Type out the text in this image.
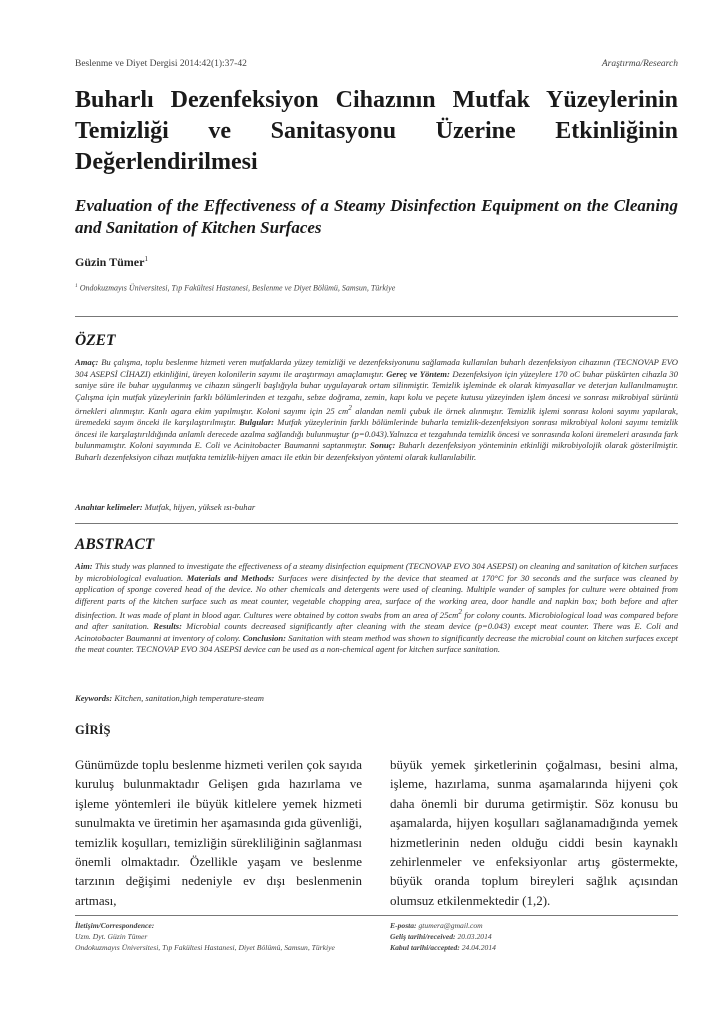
Beslenme ve Diyet Dergisi 2014:42(1):37-42	Araştırma/Research
Buharlı Dezenfeksiyon Cihazının Mutfak Yüzeylerinin Temizliği ve Sanitasyonu Üzerine Etkinliğinin Değerlendirilmesi
Evaluation of the Effectiveness of a Steamy Disinfection Equipment on the Cleaning and Sanitation of Kitchen Surfaces
Güzin Tümer$^1$
$^1$ Ondokuzmayıs Üniversitesi, Tıp Fakültesi Hastanesi, Beslenme ve Diyet Bölümü, Samsun, Türkiye
ÖZET
Amaç: Bu çalışma, toplu beslenme hizmeti veren mutfaklarda yüzey temizliği ve dezenfeksiyonunu sağlamada kullanılan buharlı dezenfeksiyon cihazının (TECNOVAP EVO 304 ASEPSİ CİHAZI) etkinliğini, üreyen kolonilerin sayımı ile araştırmayı amaçlamıştır. Gereç ve Yöntem: Dezenfeksiyon için yüzeylere 170 oC buhar püskürten cihazla 30 saniye süre ile buhar uygulanmış ve cihazın süngerli başlığıyla buhar uygulayarak ortam silinmiştir. Temizlik işleminde ek olarak kimyasallar ve deterjan kullanılmamıştır. Çalışma için mutfak yüzeylerinin farklı bölümlerinden et tezgahı, sebze doğrama, zemin, kapı kolu ve peçete kutusu yüzeyinden işlem öncesi ve sonrası mikrobiyal sürüntü örnekleri alınmıştır. Kanlı agara ekim yapılmıştır. Koloni sayımı için 25 $cm^2$ alandan nemli çubuk ile örnek alınmıştır. Temizlik işlemi sonrası koloni sayımı yapılarak, üremedeki sayım önceki ile karşılaştırılmıştır. Bulgular: Mutfak yüzeylerinin farklı bölümlerinde buharla temizlik-dezenfeksiyon sonrası mikrobiyal koloni sayımı temizlik öncesi ile karşılaştırıldığında anlamlı derecede azalma sağlandığı bulunmuştur (p=0.043).Yalnızca et tezgahında temizlik öncesi ve sonrasında koloni üremeleri arasında fark bulunmamıştır. Koloni sayımında E. Coli ve Acinitobacter Baumanni saptanmıştır. Sonuç: Buharlı dezenfeksiyon yönteminin etkinliği mikrobiyolojik olarak gösterilmiştir. Buharlı dezenfeksiyon cihazı mutfakta temizlik-hijyen amacı ile etkin bir dezenfeksiyon yöntemi olarak kullanılabilir.
Anahtar kelimeler: Mutfak, hijyen, yüksek ısı-buhar
ABSTRACT
Aim: This study was planned to investigate the effectiveness of a steamy disinfection equipment (TECNOVAP EVO 304 ASEPSI) on cleaning and sanitation of kitchen surfaces by microbiological evaluation. Materials and Methods: Surfaces were disinfected by the device that steamed at 170°C for 30 seconds and the surface was cleaned by application of sponge covered head of the device. No other chemicals and detergents were used of cleaning. Multiple wander of samples for culture were obtained from different parts of the kitchen surface such as meat counter, vegetable chopping area, surface of the working area, door handle and napkin box; both before and after disinfection. It was made of plant in blood agar. Cultures were obtained by cotton swabs from an area of $25cm^2$ for colony counts. Microbiological load was compared before and after sanitation. Results: Microbial counts decreased significantly after cleaning with the steam device (p=0.043) except meat counter. There was E. Coli and Acinotobacter Baumanni at inventory of colony. Conclusion: Sanitation with steam method was shown to significantly decrease the microbial count on kitchen surfaces except the meat counter. TECNOVAP EVO 304 ASEPSI device can be used as a non-chemical agent for kitchen surface sanitation.
Keywords: Kitchen, sanitation,high temperature-steam
GİRİŞ
Günümüzde toplu beslenme hizmeti verilen çok sayıda kuruluş bulunmaktadır Gelişen gıda hazırlama ve işleme yöntemleri ile büyük kitlelere yemek hizmeti sunulmakta ve üretimin her aşamasında gıda güvenliği, temizlik koşulları, temizliğin sürekliliğinin sağlanması önemli olmaktadır. Özellikle yaşam ve beslenme tarzının değişimi nedeniyle ev dışı beslenmenin artması,
büyük yemek şirketlerinin çoğalması, besini alma, işleme, hazırlama, sunma aşamalarında hijyeni çok daha önemli bir duruma getirmiştir. Söz konusu bu aşamalarda, hijyen koşulları sağlanamadığında yemek hizmetlerinin neden olduğu ciddi besin kaynaklı zehirlenmeler ve enfeksiyonlar artış göstermekte, büyük oranda toplum bireyleri sağlık açısından olumsuz etkilenmektedir (1,2).
İletişim/Correspondence:
Uzm. Dyt. Güzin Tümer
Ondokuzmayıs Üniversitesi, Tıp Fakültesi Hastanesi, Diyet Bölümü, Samsun, Türkiye
E-posta: gtumera@gmail.com
Geliş tarihi/received: 20.03.2014
Kabul tarihi/accepted: 24.04.2014
